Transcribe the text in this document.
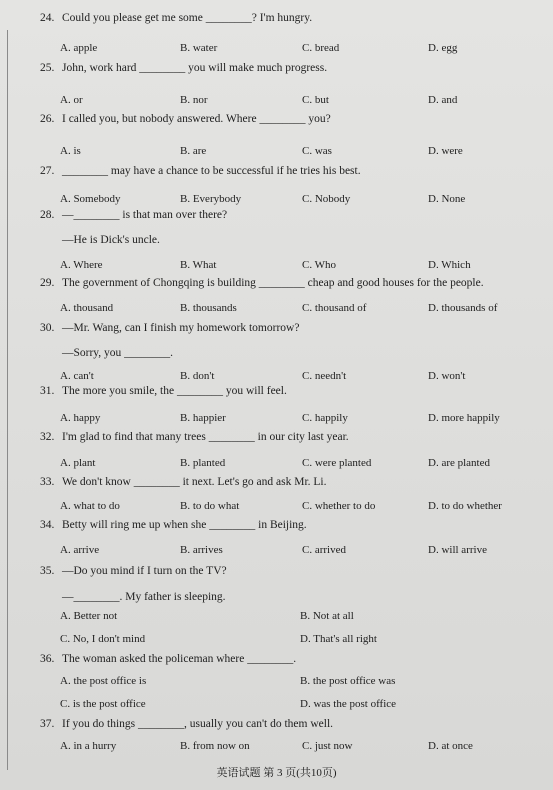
24. Could you please get me some ________? I'm hungry.
A. apple	B. water	C. bread	D. egg
25. John, work hard ________ you will make much progress.
A. or	B. nor	C. but	D. and
26. I called you, but nobody answered. Where ________ you?
A. is	B. are	C. was	D. were
27. ________ may have a chance to be successful if he tries his best.
A. Somebody	B. Everybody	C. Nobody	D. None
28. —________ is that man over there?
—He is Dick's uncle.
A. Where	B. What	C. Who	D. Which
29. The government of Chongqing is building ________ cheap and good houses for the people.
A. thousand	B. thousands	C. thousand of	D. thousands of
30. —Mr. Wang, can I finish my homework tomorrow?
—Sorry, you ________.
A. can't	B. don't	C. needn't	D. won't
31. The more you smile, the ________ you will feel.
A. happy	B. happier	C. happily	D. more happily
32. I'm glad to find that many trees ________ in our city last year.
A. plant	B. planted	C. were planted	D. are planted
33. We don't know ________ it next. Let's go and ask Mr. Li.
A. what to do	B. to do what	C. whether to do	D. to do whether
34. Betty will ring me up when she ________ in Beijing.
A. arrive	B. arrives	C. arrived	D. will arrive
35. —Do you mind if I turn on the TV?
—________. My father is sleeping.
A. Better not	B. Not at all
C. No, I don't mind	D. That's all right
36. The woman asked the policeman where ________.
A. the post office is	B. the post office was
C. is the post office	D. was the post office
37. If you do things ________, usually you can't do them well.
A. in a hurry	B. from now on	C. just now	D. at once
英语试题 第 3 页(共10页)
